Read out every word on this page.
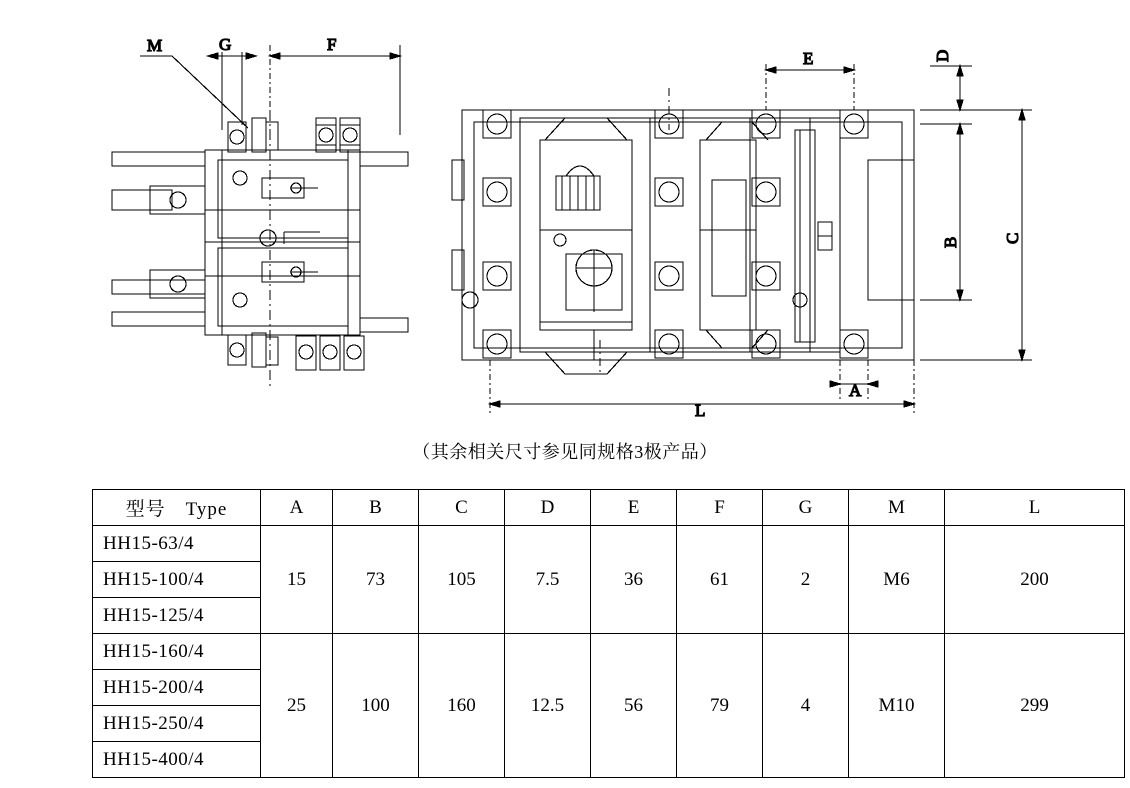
G	F
M
E	D
B	C
A
L
（其余相关尺寸参见同规格3极产品）
型号　Type	A	B	C	D	E	F	G	M	L
HH15-63/4	15	73	105	7.5	36	61	2	M6	200
HH15-100/4									
HH15-125/4									
HH15-160/4	25	100	160	12.5	56	79	4	M10	299
HH15-200/4									
HH15-250/4									
HH15-400/4									
